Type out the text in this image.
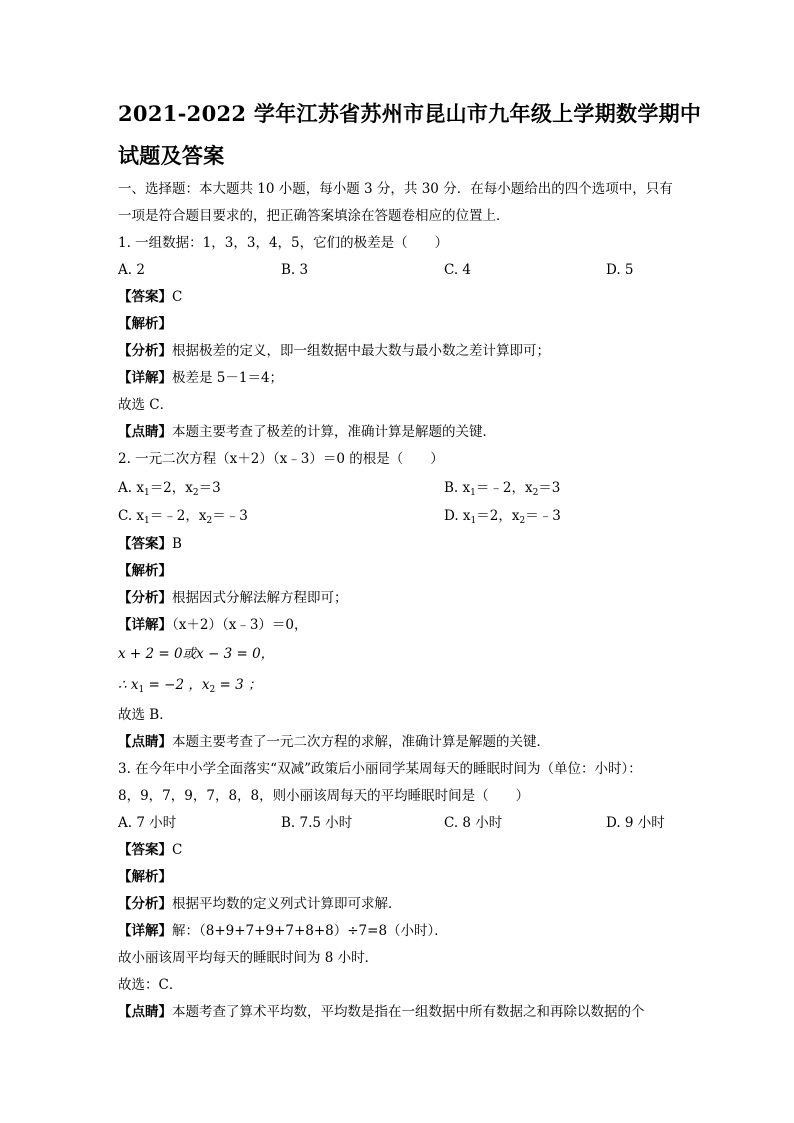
2021-2022 学年江苏省苏州市昆山市九年级上学期数学期中
试题及答案
一、选择题：本大题共 10 小题，每小题 3 分，共 30 分．在每小题给出的四个选项中，只有
一项是符合题目要求的，把正确答案填涂在答题卷相应的位置上．
1. 一组数据：1，3，3，4，5，它们的极差是（　　）
A. 2	B. 3	C. 4	D. 5
【答案】C
【解析】
【分析】根据极差的定义，即一组数据中最大数与最小数之差计算即可；
【详解】极差是 5－1＝4；
故选 C．
【点睛】本题主要考查了极差的计算，准确计算是解题的关键．
2. 一元二次方程（x＋2）（x﹣3）＝0 的根是（　　）
A. $x_1=2$，$x_2=3$	B. $x_1=﹣2$，$x_2=3$
C. $x_1=﹣2$，$x_2=﹣3$	D. $x_1=2$，$x_2=﹣3$
【答案】B
【解析】
【分析】根据因式分解法解方程即可；
【详解】（x＋2）（x﹣3）＝0，
x + 2 = 0或x − 3 = 0，
∴ $x_1 = -2$ ，$x_2 = 3$ ；
故选 B．
【点睛】本题主要考查了一元二次方程的求解，准确计算是解题的关键．
3. 在今年中小学全面落实“双减”政策后小丽同学某周每天的睡眠时间为（单位：小时）：
8，9，7，9，7，8，8，则小丽该周每天的平均睡眠时间是（　　）
A. 7 小时	B. 7.5 小时	C. 8 小时	D. 9 小时
【答案】C
【解析】
【分析】根据平均数的定义列式计算即可求解．
【详解】解：（8+9+7+9+7+8+8）÷7=8（小时）．
故小丽该周平均每天的睡眠时间为 8 小时．
故选：C．
【点睛】本题考查了算术平均数，平均数是指在一组数据中所有数据之和再除以数据的个
